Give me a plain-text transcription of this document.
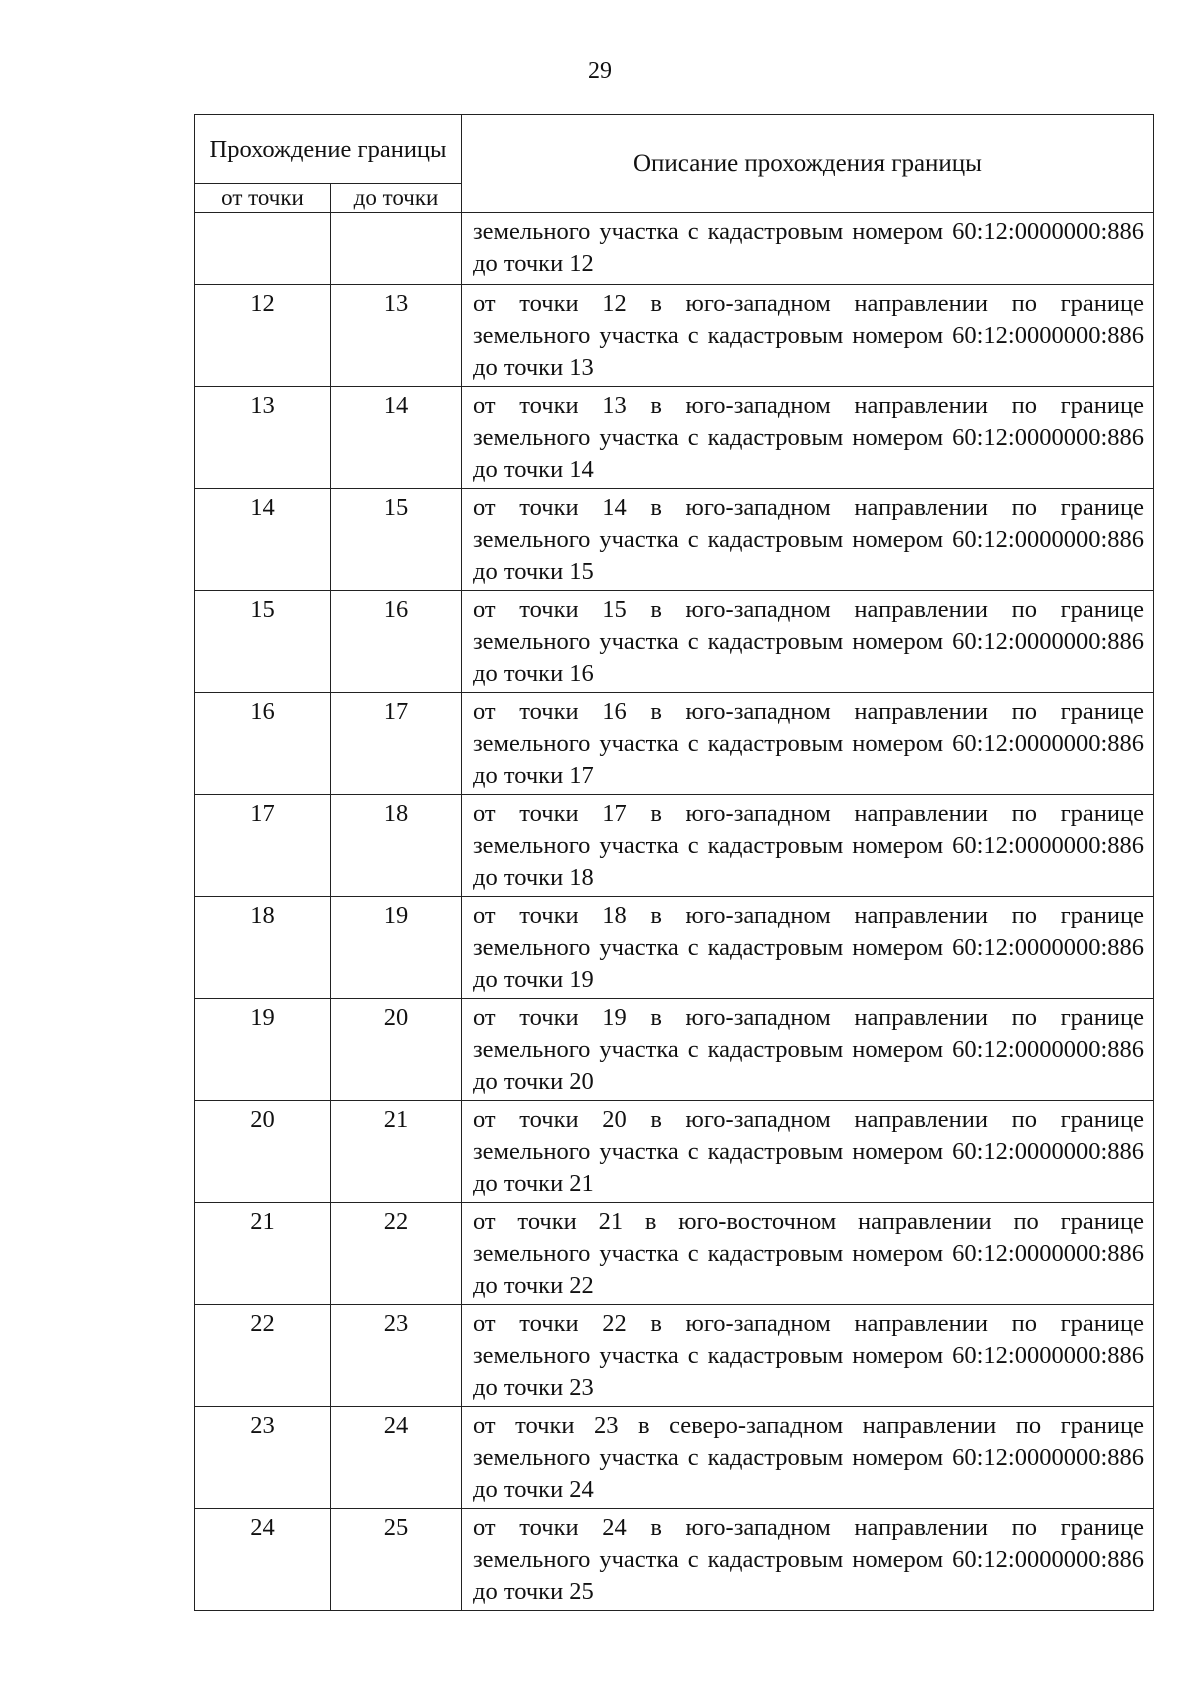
29
Прохождение границы		Описание прохождения границы
от точки	до точки	
		земельного участка с кадастровым номером 60:12:0000000:886 до точки 12
12	13	от точки 12 в юго-западном направлении по границе земельного участка с кадастровым номером 60:12:0000000:886 до точки 13
13	14	от точки 13 в юго-западном направлении по границе земельного участка с кадастровым номером 60:12:0000000:886 до точки 14
14	15	от точки 14 в юго-западном направлении по границе земельного участка с кадастровым номером 60:12:0000000:886 до точки 15
15	16	от точки 15 в юго-западном направлении по границе земельного участка с кадастровым номером 60:12:0000000:886 до точки 16
16	17	от точки 16 в юго-западном направлении по границе земельного участка с кадастровым номером 60:12:0000000:886 до точки 17
17	18	от точки 17 в юго-западном направлении по границе земельного участка с кадастровым номером 60:12:0000000:886 до точки 18
18	19	от точки 18 в юго-западном направлении по границе земельного участка с кадастровым номером 60:12:0000000:886 до точки 19
19	20	от точки 19 в юго-западном направлении по границе земельного участка с кадастровым номером 60:12:0000000:886 до точки 20
20	21	от точки 20 в юго-западном направлении по границе земельного участка с кадастровым номером 60:12:0000000:886 до точки 21
21	22	от точки 21 в юго-восточном направлении по границе земельного участка с кадастровым номером 60:12:0000000:886 до точки 22
22	23	от точки 22 в юго-западном направлении по границе земельного участка с кадастровым номером 60:12:0000000:886 до точки 23
23	24	от точки 23 в северо-западном направлении по границе земельного участка с кадастровым номером 60:12:0000000:886 до точки 24
24	25	от точки 24 в юго-западном направлении по границе земельного участка с кадастровым номером 60:12:0000000:886 до точки 25
